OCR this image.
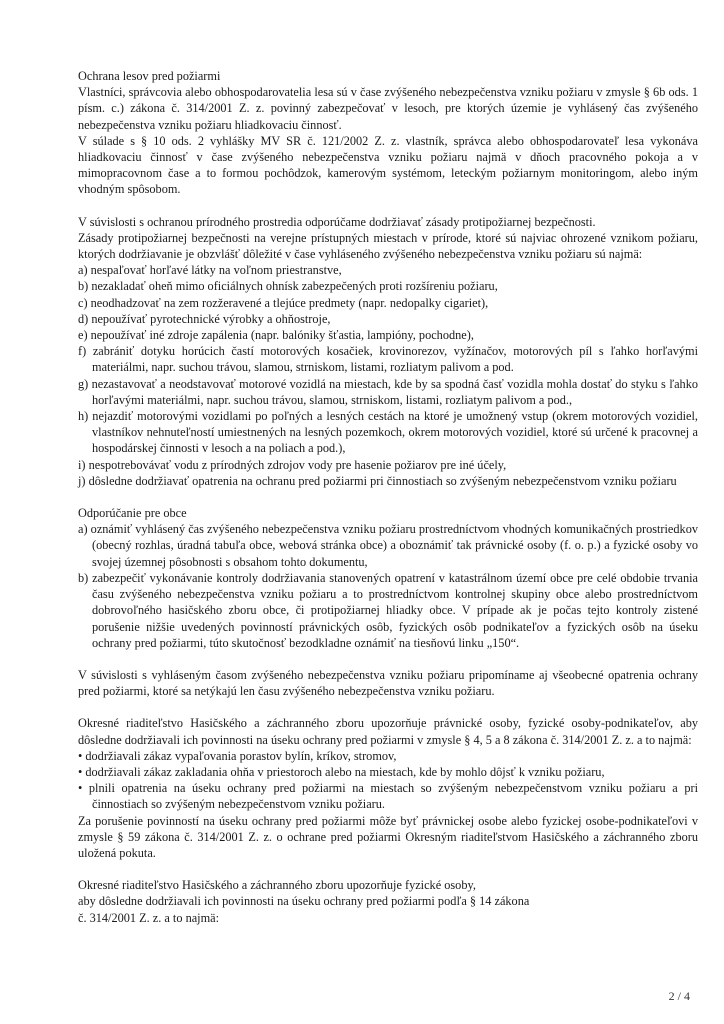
Ochrana lesov pred požiarmi

Vlastníci, správcovia alebo obhospodarovatelia lesa sú v čase zvýšeného nebezpečenstva vzniku požiaru v zmysle § 6b ods. 1 písm. c.) zákona č. 314/2001 Z. z. povinný zabezpečovať v lesoch, pre ktorých územie je vyhlásený čas zvýšeného nebezpečenstva vzniku požiaru hliadkovaciu činnosť.

V súlade s § 10 ods. 2 vyhlášky MV SR č. 121/2002 Z. z. vlastník, správca alebo obhospodarovateľ lesa vykonáva hliadkovaciu činnosť v čase zvýšeného nebezpečenstva vzniku požiaru najmä v dňoch pracovného pokoja a v mimopracovnom čase a to formou pochôdzok, kamerovým systémom, leteckým požiarnym monitoringom, alebo iným vhodným spôsobom.

V súvislosti s ochranou prírodného prostredia odporúčame dodržiavať zásady protipožiarnej bezpečnosti.

Zásady protipožiarnej bezpečnosti na verejne prístupných miestach v prírode, ktoré sú najviac ohrozené vznikom požiaru, ktorých dodržiavanie je obzvlášť dôležité v čase vyhláseného zvýšeného nebezpečenstva vzniku požiaru sú najmä:

a) nespaľovať horľavé látky na voľnom priestranstve,

b) nezakladať oheň mimo oficiálnych ohnísk zabezpečených proti rozšíreniu požiaru,

c) neodhadzovať na zem rozžeravené a tlejúce predmety (napr. nedopalky cigariet),

d) nepoužívať pyrotechnické výrobky a ohňostroje,

e) nepoužívať iné zdroje zapálenia (napr. balóniky šťastia, lampióny, pochodne),

f) zabrániť dotyku horúcich častí motorových kosačiek, krovinorezov, vyžínačov, motorových píl s ľahko horľavými materiálmi, napr. suchou trávou, slamou, strniskom, listami, rozliatym palivom a pod.

g) nezastavovať a neodstavovať motorové vozidlá na miestach, kde by sa spodná časť vozidla mohla dostať do styku s ľahko horľavými materiálmi, napr. suchou trávou, slamou, strniskom, listami, rozliatym palivom a pod.,

h) nejazdiť motorovými vozidlami po poľných a lesných cestách na ktoré je umožnený vstup (okrem motorových vozidiel, vlastníkov nehnuteľností umiestnených na lesných pozemkoch, okrem motorových vozidiel, ktoré sú určené k pracovnej a hospodárskej činnosti v lesoch a na poliach a pod.),

i) nespotrebovávať vodu z prírodných zdrojov vody pre hasenie požiarov pre iné účely,

j) dôsledne dodržiavať opatrenia na ochranu pred požiarmi pri činnostiach so zvýšeným nebezpečenstvom vzniku požiaru

Odporúčanie pre obce

a) oznámiť vyhlásený čas zvýšeného nebezpečenstva vzniku požiaru prostredníctvom vhodných komunikačných prostriedkov (obecný rozhlas, úradná tabuľa obce, webová stránka obce) a oboznámiť tak právnické osoby (f. o. p.) a fyzické osoby vo svojej územnej pôsobnosti s obsahom tohto dokumentu,

b) zabezpečiť vykonávanie kontroly dodržiavania stanovených opatrení v katastrálnom území obce pre celé obdobie trvania času zvýšeného nebezpečenstva vzniku požiaru a to prostredníctvom kontrolnej skupiny obce alebo prostredníctvom dobrovoľného hasičského zboru obce, či protipožiarnej hliadky obce. V prípade ak je počas tejto kontroly zistené porušenie nižšie uvedených povinností právnických osôb, fyzických osôb podnikateľov a fyzických osôb na úseku ochrany pred požiarmi, túto skutočnosť bezodkladne oznámiť na tiesňovú linku „150“.

V súvislosti s vyhláseným časom zvýšeného nebezpečenstva vzniku požiaru pripomíname aj všeobecné opatrenia ochrany pred požiarmi, ktoré sa netýkajú len času zvýšeného nebezpečenstva vzniku požiaru.

Okresné riaditeľstvo Hasičského a záchranného zboru upozorňuje právnické osoby, fyzické osoby-podnikateľov, aby dôsledne dodržiavali ich povinnosti na úseku ochrany pred požiarmi v zmysle § 4, 5 a 8 zákona č. 314/2001 Z. z. a to najmä:

• dodržiavali zákaz vypaľovania porastov bylín, kríkov, stromov,

• dodržiavali zákaz zakladania ohňa v priestoroch alebo na miestach, kde by mohlo dôjsť k vzniku požiaru,

• plnili opatrenia na úseku ochrany pred požiarmi na miestach so zvýšeným nebezpečenstvom vzniku požiaru a pri činnostiach so zvýšeným nebezpečenstvom vzniku požiaru.

Za porušenie povinností na úseku ochrany pred požiarmi môže byť právnickej osobe alebo fyzickej osobe-podnikateľovi v zmysle § 59 zákona č. 314/2001 Z. z. o ochrane pred požiarmi Okresným riaditeľstvom Hasičského a záchranného zboru uložená pokuta.

Okresné riaditeľstvo Hasičského a záchranného zboru upozorňuje fyzické osoby,

aby dôsledne dodržiavali ich povinnosti na úseku ochrany pred požiarmi podľa § 14 zákona

č. 314/2001 Z. z. a to najmä:

2 / 4
